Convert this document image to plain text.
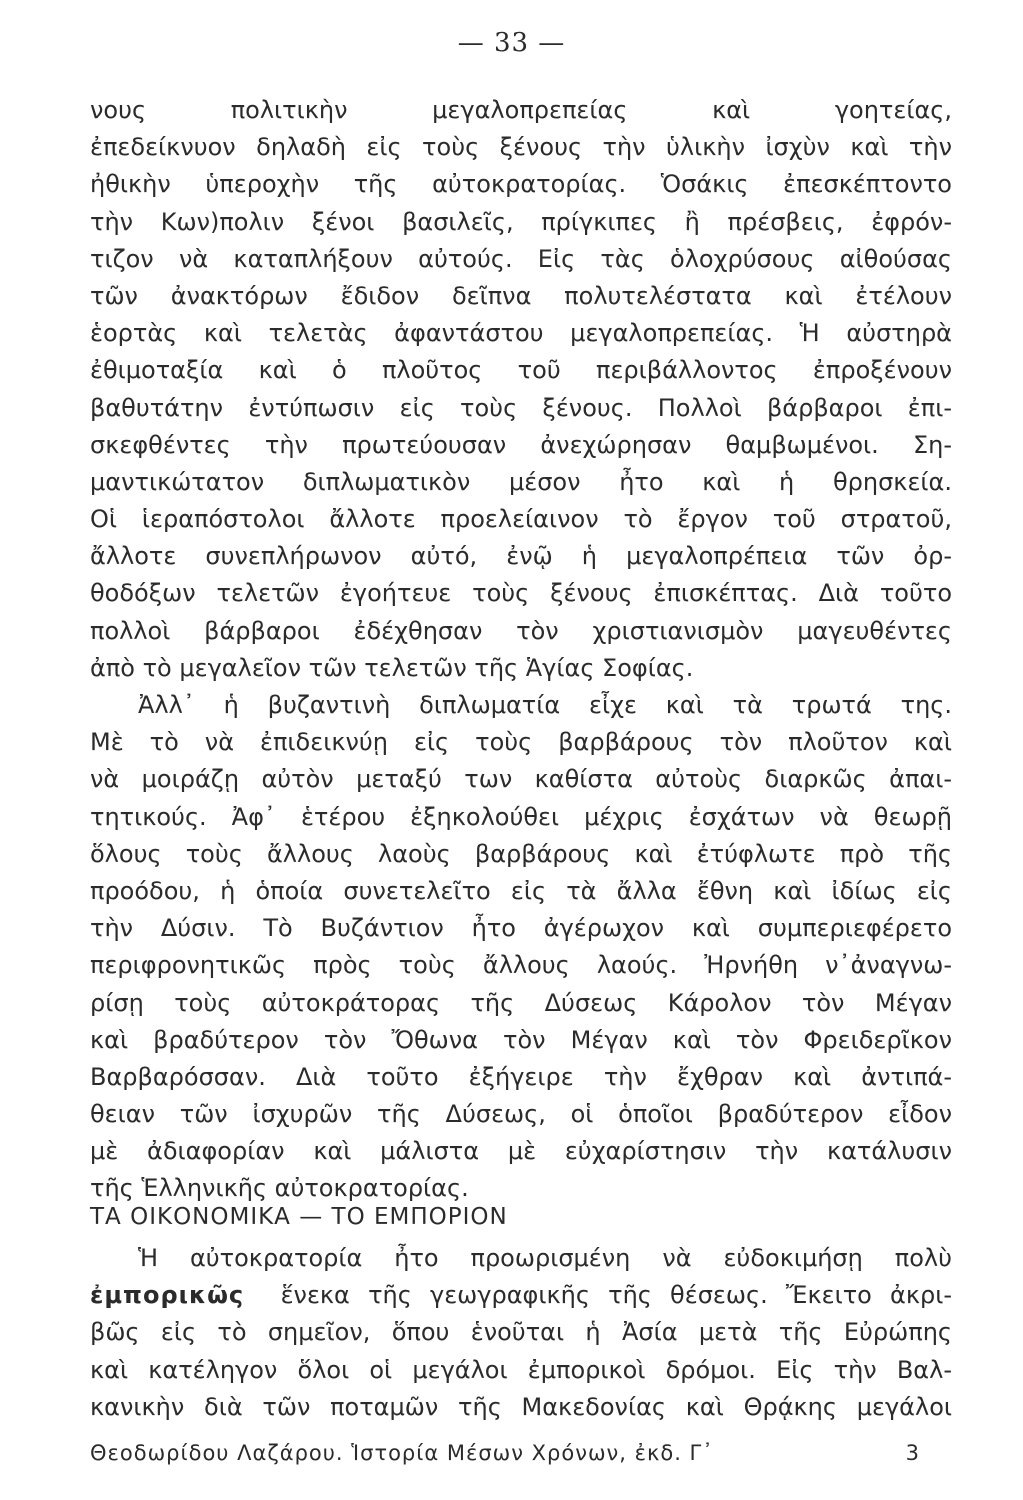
— 33 —
νους πολιτικὴν μεγαλοπρεπείας καὶ γοητείας,
ἐπεδείκνυον δηλαδὴ εἰς τοὺς ξένους τὴν ὑλικὴν ἰσχὺν καὶ τὴν
ἠθικὴν ὑπεροχὴν τῆς αὐτοκρατορίας. Ὁσάκις ἐπεσκέπτοντο
τὴν Κων)πολιν ξένοι βασιλεῖς, πρίγκιπες ἢ πρέσβεις, ἐφρόν-
τιζον νὰ καταπλήξουν αὐτούς. Εἰς τὰς ὁλοχρύσους αἰθούσας
τῶν ἀνακτόρων ἔδιδον δεῖπνα πολυτελέστατα καὶ ἐτέλουν
ἑορτὰς καὶ τελετὰς ἀφαντάστου μεγαλοπρεπείας. Ἡ αὐστηρὰ
ἐθιμοταξία καὶ ὁ πλοῦτος τοῦ περιβάλλοντος ἐπροξένουν
βαθυτάτην ἐντύπωσιν εἰς τοὺς ξένους. Πολλοὶ βάρβαροι ἐπι-
σκεφθέντες τὴν πρωτεύουσαν ἀνεχώρησαν θαμβωμένοι. Ση-
μαντικώτατον διπλωματικὸν μέσον ἦτο καὶ ἡ θρησκεία.
Οἱ ἱεραπόστολοι ἄλλοτε προελείαινον τὸ ἔργον τοῦ στρατοῦ,
ἄλλοτε συνεπλήρωνον αὐτό, ἐνῷ ἡ μεγαλοπρέπεια τῶν ὀρ-
θοδόξων τελετῶν ἐγοήτευε τοὺς ξένους ἐπισκέπτας. Διὰ τοῦτο
πολλοὶ βάρβαροι ἐδέχθησαν τὸν χριστιανισμὸν μαγευθέντες
ἀπὸ τὸ μεγαλεῖον τῶν τελετῶν τῆς Ἁγίας Σοφίας.
Ἀλλ᾽ ἡ βυζαντινὴ διπλωματία εἶχε καὶ τὰ τρωτά της.
Μὲ τὸ νὰ ἐπιδεικνύῃ εἰς τοὺς βαρβάρους τὸν πλοῦτον καὶ
νὰ μοιράζῃ αὐτὸν μεταξύ των καθίστα αὐτοὺς διαρκῶς ἀπαι-
τητικούς. Ἀφ᾽ ἑτέρου ἐξηκολούθει μέχρις ἐσχάτων νὰ θεωρῇ
ὅλους τοὺς ἄλλους λαοὺς βαρβάρους καὶ ἐτύφλωτε πρὸ τῆς
προόδου, ἡ ὁποία συνετελεῖτο εἰς τὰ ἄλλα ἔθνη καὶ ἰδίως εἰς
τὴν Δύσιν. Τὸ Βυζάντιον ἦτο ἀγέρωχον καὶ συμπεριεφέρετο
περιφρονητικῶς πρὸς τοὺς ἄλλους λαούς. Ἠρνήθη ν᾽ἀναγνω-
ρίσῃ τοὺς αὐτοκράτορας τῆς Δύσεως Κάρολον τὸν Μέγαν
καὶ βραδύτερον τὸν Ὄθωνα τὸν Μέγαν καὶ τὸν Φρειδερῖκον
Βαρβαρόσσαν. Διὰ τοῦτο ἐξήγειρε τὴν ἔχθραν καὶ ἀντιπά-
θειαν τῶν ἰσχυρῶν τῆς Δύσεως, οἱ ὁποῖοι βραδύτερον εἶδον
μὲ ἀδιαφορίαν καὶ μάλιστα μὲ εὐχαρίστησιν τὴν κατάλυσιν
τῆς Ἑλληνικῆς αὐτοκρατορίας.
ΤΑ ΟΙΚΟΝΟΜΙΚΑ — ΤΟ ΕΜΠΟΡΙΟΝ
Ἡ αὐτοκρατορία ἦτο προωρισμένη νὰ εὐδοκιμήσῃ πολὺ
ἐμπορικῶς ἕνεκα τῆς γεωγραφικῆς τῆς θέσεως. Ἔκειτο ἀκρι-
βῶς εἰς τὸ σημεῖον, ὅπου ἑνοῦται ἡ Ἀσία μετὰ τῆς Εὐρώπης
καὶ κατέληγον ὅλοι οἱ μεγάλοι ἐμπορικοὶ δρόμοι. Εἰς τὴν Βαλ-
κανικὴν διὰ τῶν ποταμῶν τῆς Μακεδονίας καὶ Θρᾴκης μεγάλοι
Θεοδωρίδου Λαζάρου. Ἱστορία Μέσων Χρόνων, ἐκδ. Γ᾽	3
